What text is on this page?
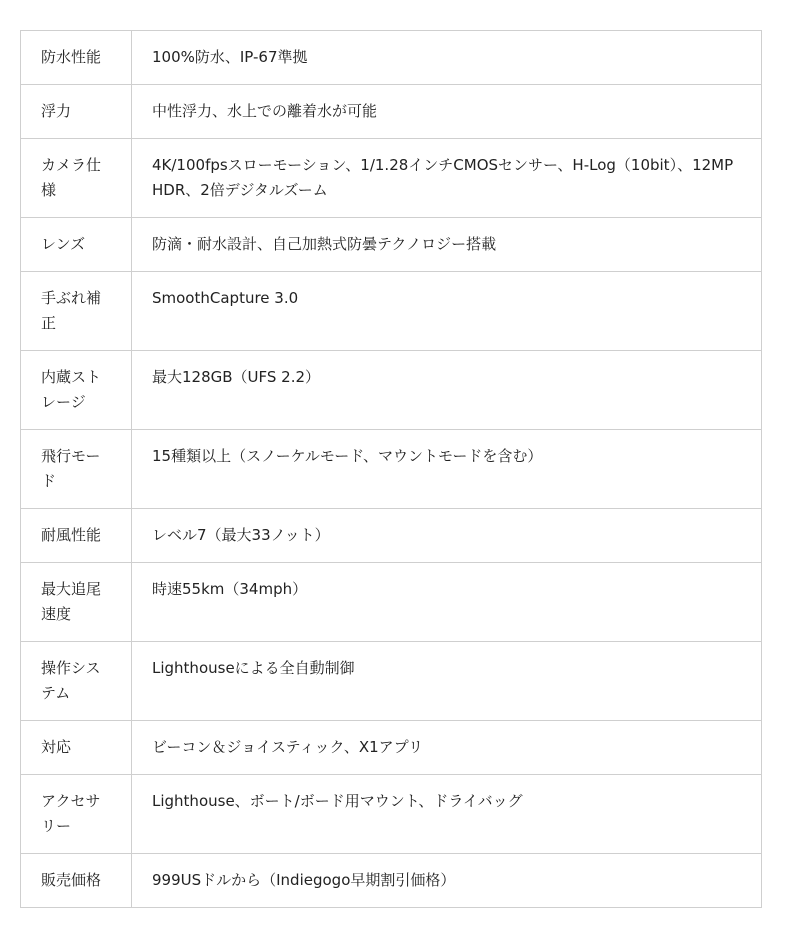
防水性能	100%防水、IP-67準拠
浮力	中性浮力、水上での離着水が可能
カメラ仕様	4K/100fpsスローモーション、1/1.28インチCMOSセンサー、H-Log（10bit）、12MP HDR、2倍デジタルズーム
レンズ	防滴・耐水設計、自己加熱式防曇テクノロジー搭載
手ぶれ補正	SmoothCapture 3.0
内蔵ストレージ	最大128GB（UFS 2.2）
飛行モード	15種類以上（スノーケルモード、マウントモードを含む）
耐風性能	レベル7（最大33ノット）
最大追尾速度	時速55km（34mph）
操作システム	Lighthouseによる全自動制御
対応	ビーコン＆ジョイスティック、X1アプリ
アクセサリー	Lighthouse、ボート/ボード用マウント、ドライバッグ
販売価格	999USドルから（Indiegogo早期割引価格）
